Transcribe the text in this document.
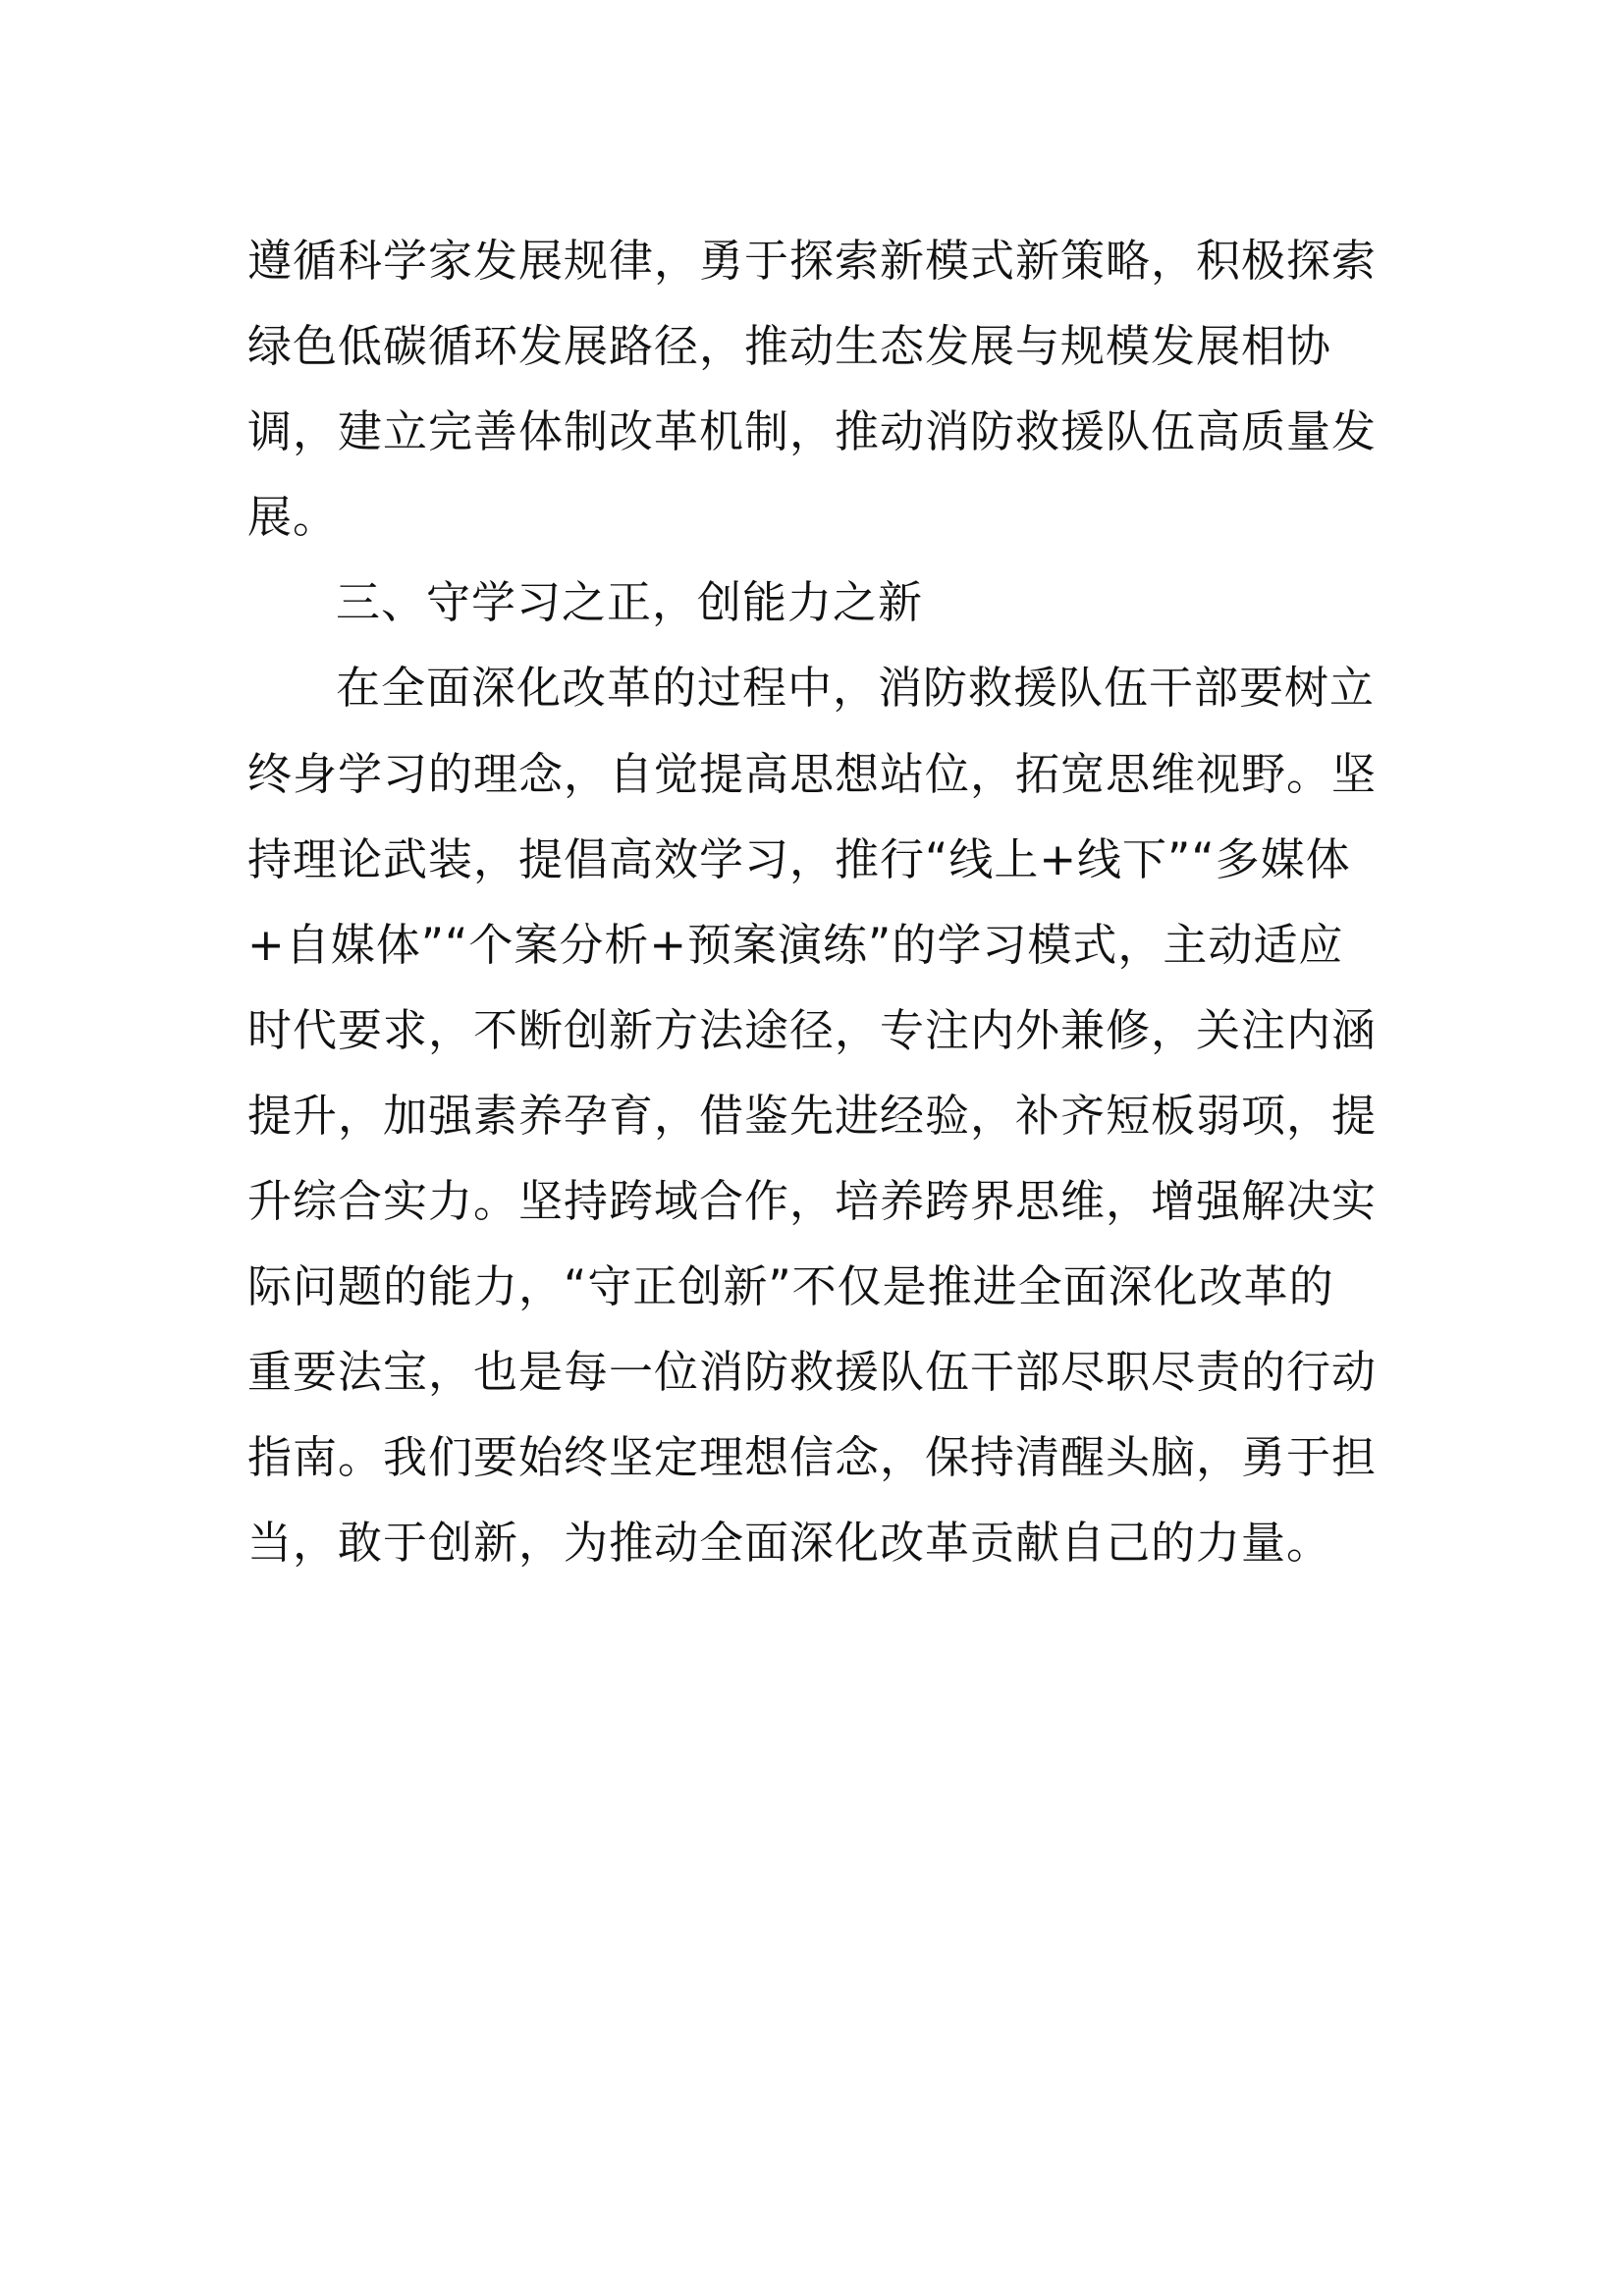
遵循科学家发展规律，勇于探索新模式新策略，积极探索
绿色低碳循环发展路径，推动生态发展与规模发展相协
调，建立完善体制改革机制，推动消防救援队伍高质量发
展。
三、守学习之正，创能力之新
在全面深化改革的过程中，消防救援队伍干部要树立
终身学习的理念，自觉提高思想站位，拓宽思维视野。坚
持理论武装，提倡高效学习，推行“线上+线下”“多媒体
+自媒体”“个案分析+预案演练”的学习模式，主动适应
时代要求，不断创新方法途径，专注内外兼修，关注内涵
提升，加强素养孕育，借鉴先进经验，补齐短板弱项，提
升综合实力。坚持跨域合作，培养跨界思维，增强解决实
际问题的能力，“守正创新”不仅是推进全面深化改革的
重要法宝，也是每一位消防救援队伍干部尽职尽责的行动
指南。我们要始终坚定理想信念，保持清醒头脑，勇于担
当，敢于创新，为推动全面深化改革贡献自己的力量。
